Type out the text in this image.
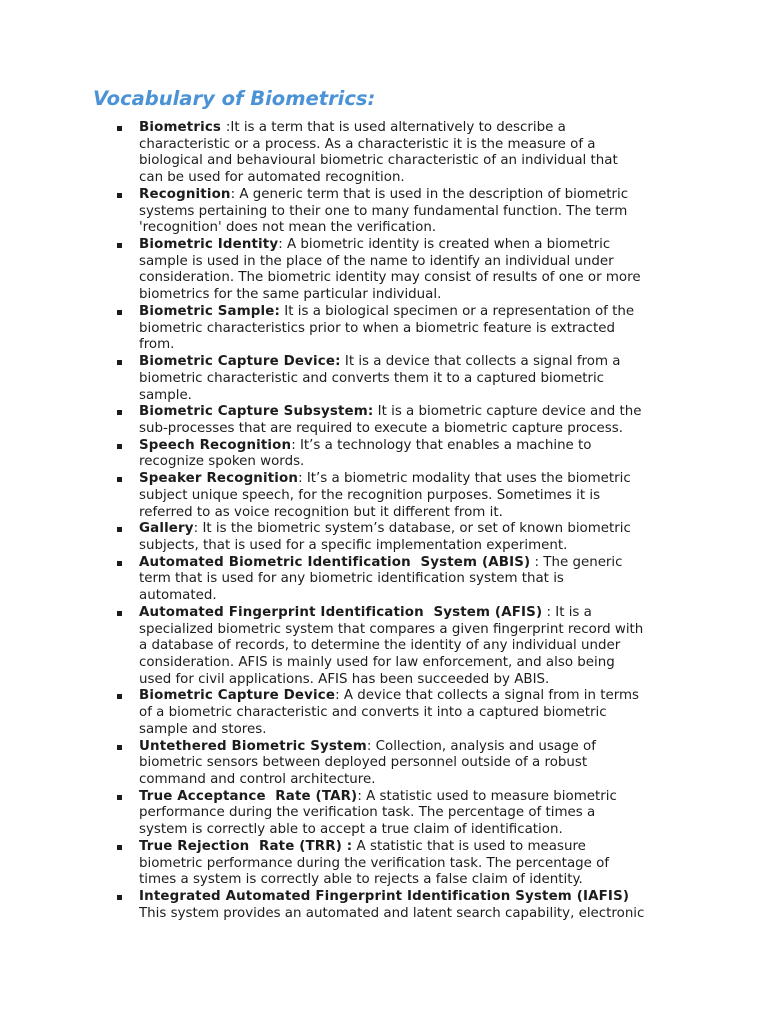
Vocabulary of Biometrics:
Biometrics :It is a term that is used alternatively to describe a
characteristic or a process. As a characteristic it is the measure of a
biological and behavioural biometric characteristic of an individual that
can be used for automated recognition.
Recognition: A generic term that is used in the description of biometric
systems pertaining to their one to many fundamental function. The term
'recognition' does not mean the verification.
Biometric Identity: A biometric identity is created when a biometric
sample is used in the place of the name to identify an individual under
consideration. The biometric identity may consist of results of one or more
biometrics for the same particular individual.
Biometric Sample: It is a biological specimen or a representation of the
biometric characteristics prior to when a biometric feature is extracted
from.
Biometric Capture Device: It is a device that collects a signal from a
biometric characteristic and converts them it to a captured biometric
sample.
Biometric Capture Subsystem: It is a biometric capture device and the
sub-processes that are required to execute a biometric capture process.
Speech Recognition: It’s a technology that enables a machine to
recognize spoken words.
Speaker Recognition: It’s a biometric modality that uses the biometric
subject unique speech, for the recognition purposes. Sometimes it is
referred to as voice recognition but it different from it.
Gallery: It is the biometric system’s database, or set of known biometric
subjects, that is used for a specific implementation experiment.
Automated Biometric Identification  System (ABIS) : The generic
term that is used for any biometric identification system that is
automated.
Automated Fingerprint Identification  System (AFIS) : It is a
specialized biometric system that compares a given fingerprint record with
a database of records, to determine the identity of any individual under
consideration. AFIS is mainly used for law enforcement, and also being
used for civil applications. AFIS has been succeeded by ABIS.
Biometric Capture Device: A device that collects a signal from in terms
of a biometric characteristic and converts it into a captured biometric
sample and stores.
Untethered Biometric System: Collection, analysis and usage of
biometric sensors between deployed personnel outside of a robust
command and control architecture.
True Acceptance  Rate (TAR): A statistic used to measure biometric
performance during the verification task. The percentage of times a
system is correctly able to accept a true claim of identification.
True Rejection  Rate (TRR) : A statistic that is used to measure
biometric performance during the verification task. The percentage of
times a system is correctly able to rejects a false claim of identity.
Integrated Automated Fingerprint Identification System (IAFIS)
This system provides an automated and latent search capability, electronic
